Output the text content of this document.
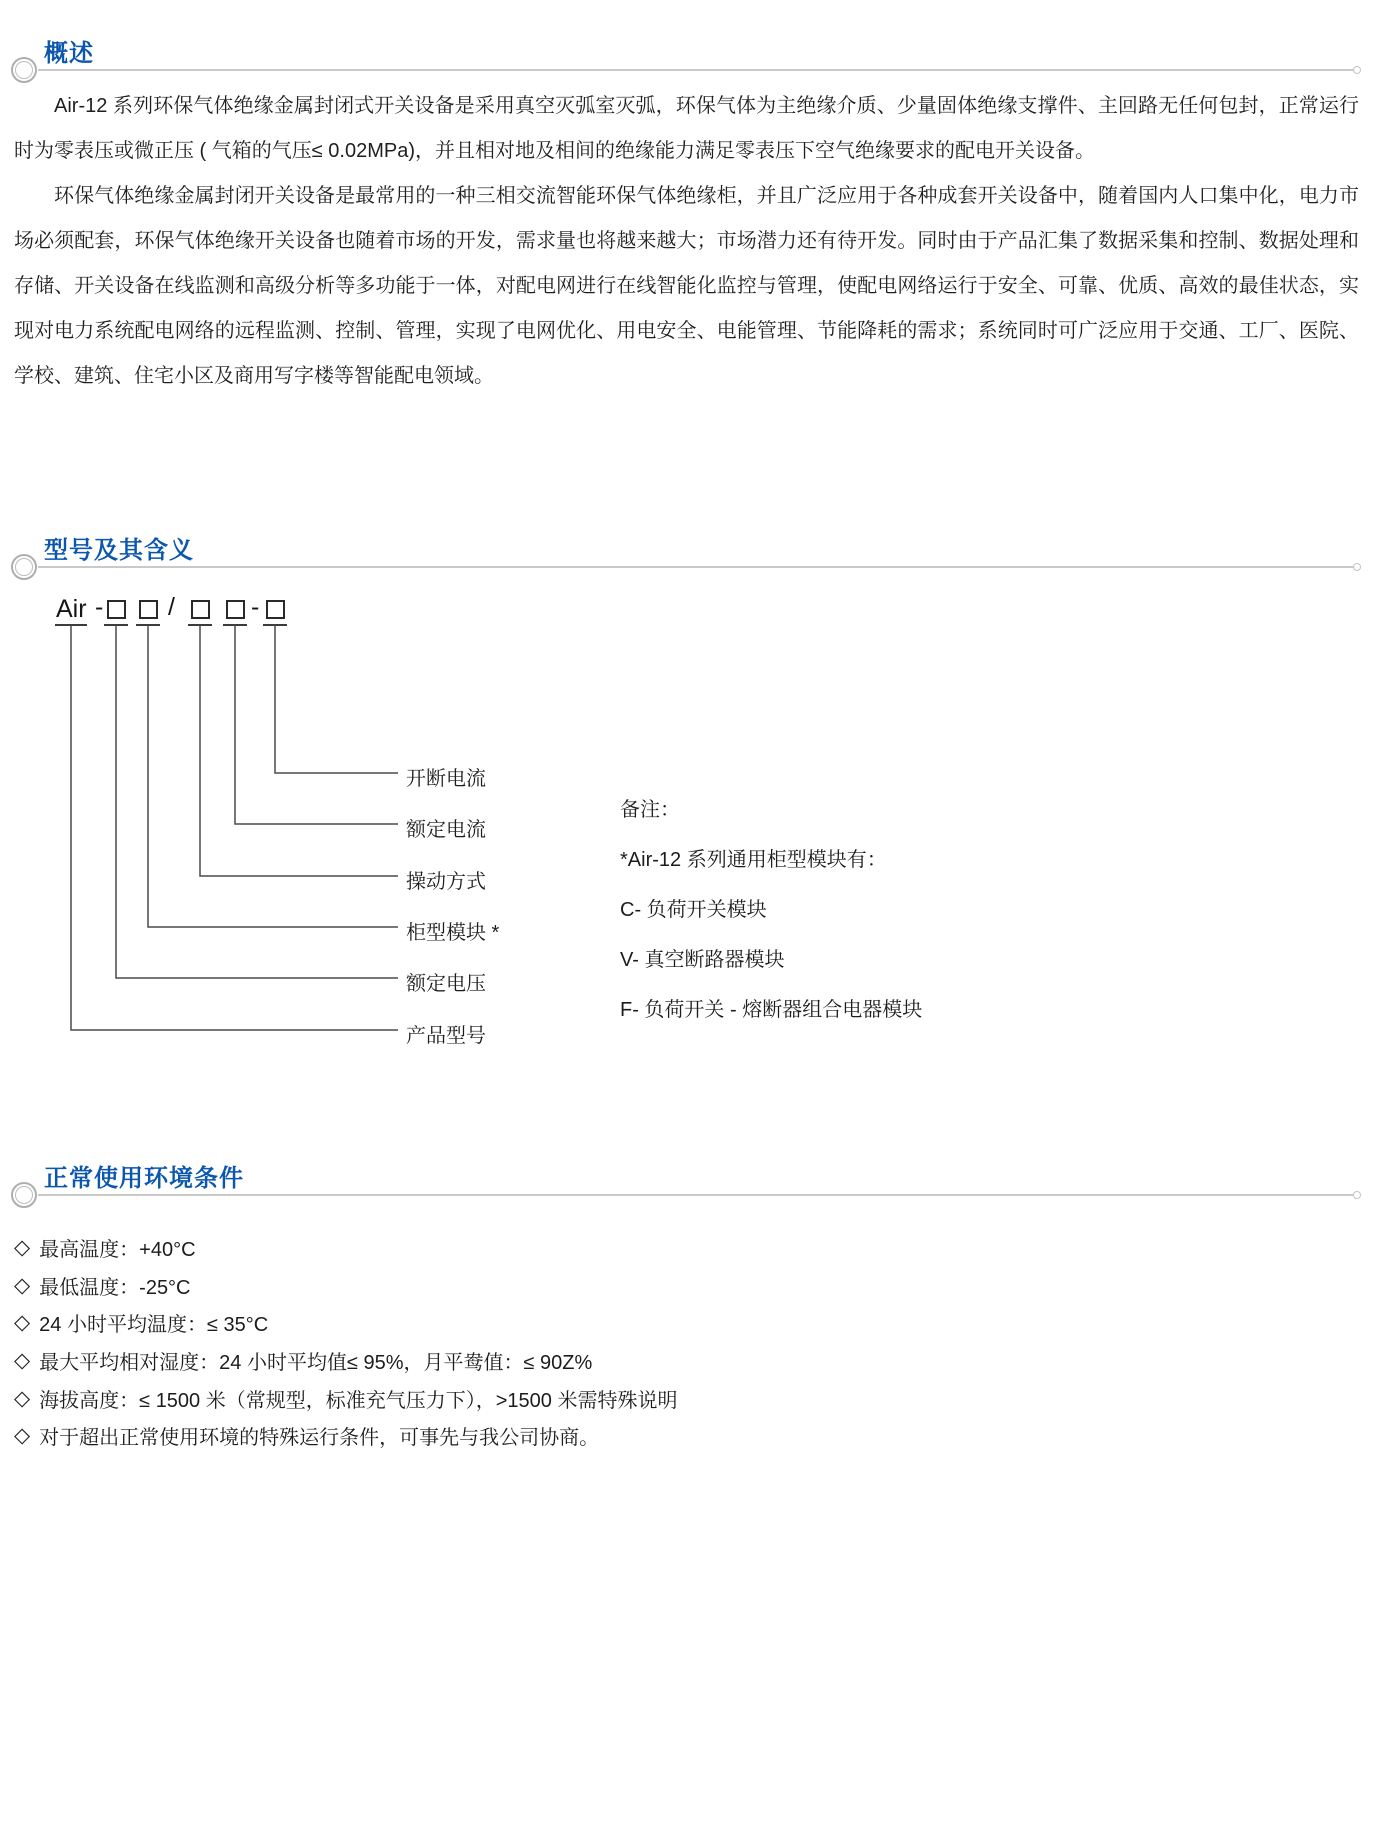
概述

Air-12 系列环保气体绝缘金属封闭式开关设备是采用真空灭弧室灭弧，环保气体为主绝缘介质、少量固体绝缘支撑件、主回路无任何包封，正常运行时为零表压或微正压 ( 气箱的气压≤ 0.02MPa)，并且相对地及相间的绝缘能力满足零表压下空气绝缘要求的配电开关设备。

环保气体绝缘金属封闭开关设备是最常用的一种三相交流智能环保气体绝缘柜，并且广泛应用于各种成套开关设备中，随着国内人口集中化，电力市场必须配套，环保气体绝缘开关设备也随着市场的开发，需求量也将越来越大；市场潜力还有待开发。同时由于产品汇集了数据采集和控制、数据处理和存储、开关设备在线监测和高级分析等多功能于一体，对配电网进行在线智能化监控与管理，使配电网络运行于安全、可靠、优质、高效的最佳状态，实现对电力系统配电网络的远程监测、控制、管理，实现了电网优化、用电安全、电能管理、节能降耗的需求；系统同时可广泛应用于交通、工厂、医院、学校、建筑、住宅小区及商用写字楼等智能配电领域。

型号及其含义
Air -	/	-
开断电流
额定电流
操动方式
柜型模块 *
额定电压
产品型号
备注：
*Air-12 系列通用柜型模块有：
C- 负荷开关模块
V- 真空断路器模块
F- 负荷开关 - 熔断器组合电器模块
正常使用环境条件
◇ 最高温度：+40°C
◇ 最低温度：-25°C
◇ 24 小时平均温度：≤ 35°C
◇ 最大平均相对湿度：24 小时平均值≤ 95%，月平鸯值：≤ 90Z%
◇ 海拔高度：≤ 1500 米（常规型，标准充气压力下），>1500 米需特殊说明
◇ 对于超出正常使用环境的特殊运行条件，可事先与我公司协商。
